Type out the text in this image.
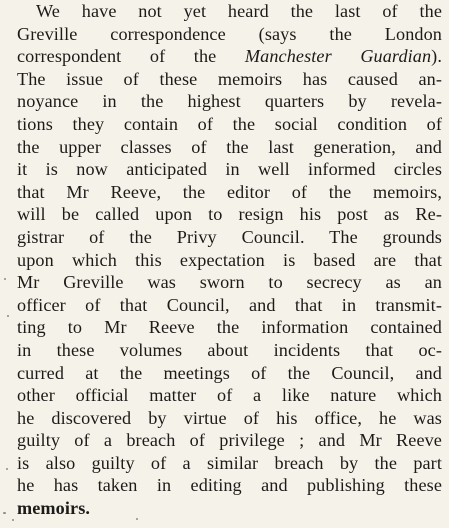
We have not yet heard the last of the
Greville correspondence (says the London
correspondent of the Manchester Guardian).
The issue of these memoirs has caused an-
noyance in the highest quarters by revela-
tions they contain of the social condition of
the upper classes of the last generation, and
it is now anticipated in well informed circles
that Mr Reeve, the editor of the memoirs,
will be called upon to resign his post as Re-
gistrar of the Privy Council. The grounds
upon which this expectation is based are that
Mr Greville was sworn to secrecy as an
officer of that Council, and that in transmit-
ting to Mr Reeve the information contained
in these volumes about incidents that oc-
curred at the meetings of the Council, and
other official matter of a like nature which
he discovered by virtue of his office, he was
guilty of a breach of privilege ; and Mr Reeve
is also guilty of a similar breach by the part
he has taken in editing and publishing these
memoirs.
